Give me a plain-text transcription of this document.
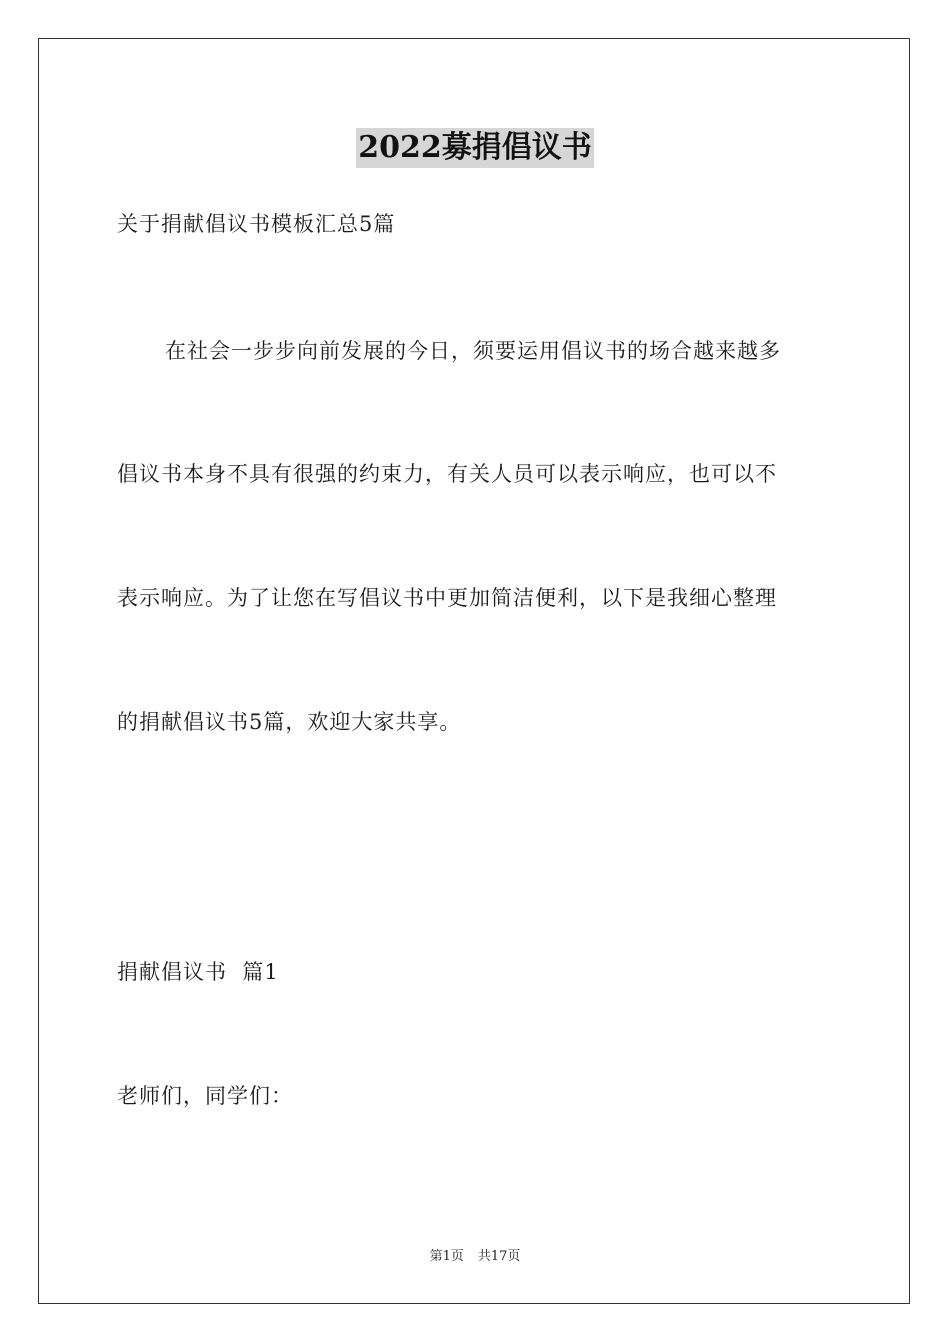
2022募捐倡议书
关于捐献倡议书模板汇总5篇
在社会一步步向前发展的今日，须要运用倡议书的场合越来越多
倡议书本身不具有很强的约束力，有关人员可以表示响应，也可以不
表示响应。为了让您在写倡议书中更加简洁便利，以下是我细心整理
的捐献倡议书5篇，欢迎大家共享。
捐献倡议书  篇1
老师们，同学们：
第1页 共17页
